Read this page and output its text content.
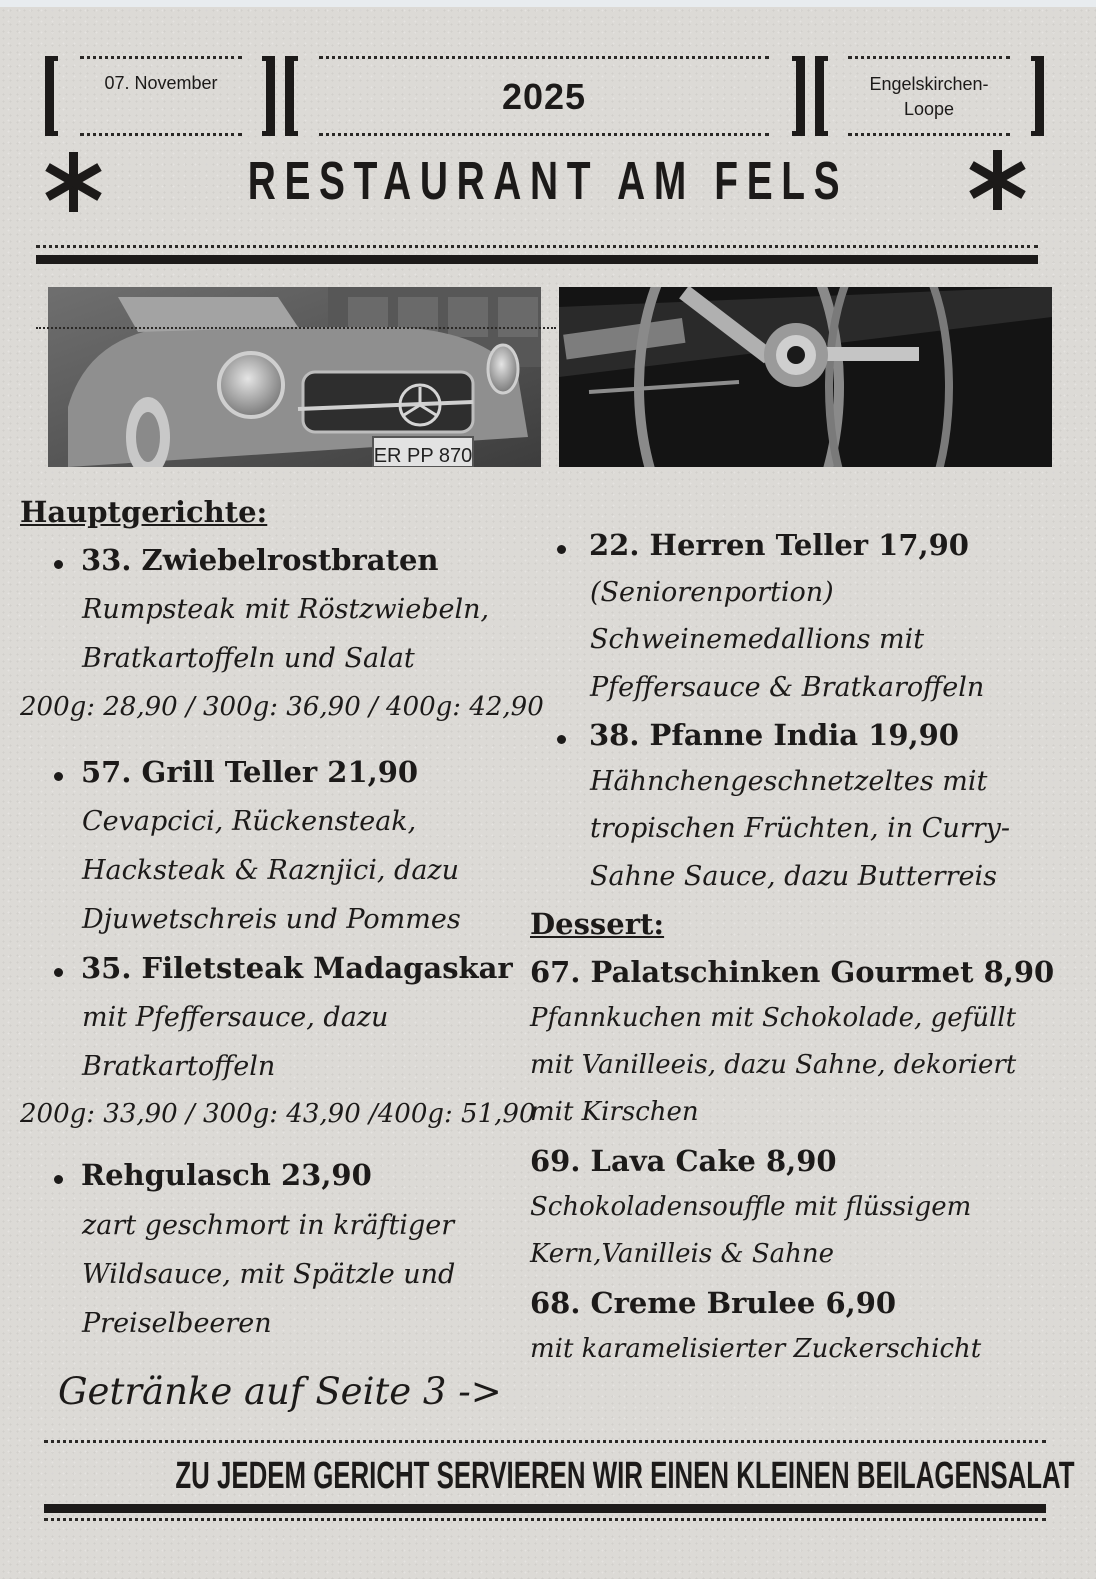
07. November	2025	Engelskirchen-
Loope
RESTAURANT AM FELS
ER PP 870
Hauptgerichte:
33. Zwiebelrostbraten
Rumpsteak mit Röstzwiebeln,
Bratkartoffeln und Salat
200g: 28,90 / 300g: 36,90 / 400g: 42,90
57. Grill Teller 21,90
Cevapcici, Rückensteak,
Hacksteak & Raznjici, dazu
Djuwetschreis und Pommes
35. Filetsteak Madagaskar
mit Pfeffersauce, dazu
Bratkartoffeln
200g: 33,90 / 300g: 43,90 /400g: 51,90
Rehgulasch 23,90
zart geschmort in kräftiger
Wildsauce, mit Spätzle und
Preiselbeeren
Getränke auf Seite 3 ->
22. Herren Teller 17,90
(Seniorenportion)
Schweinemedallions mit
Pfeffersauce & Bratkaroffeln
38. Pfanne India 19,90
Hähnchengeschnetzeltes mit
tropischen Früchten, in Curry-
Sahne Sauce, dazu Butterreis
Dessert:
67. Palatschinken Gourmet 8,90
Pfannkuchen mit Schokolade, gefüllt
mit Vanilleeis, dazu Sahne, dekoriert
mit Kirschen
69. Lava Cake 8,90
Schokoladensouffle mit flüssigem
Kern,Vanilleis & Sahne
68. Creme Brulee 6,90
mit karamelisierter Zuckerschicht
ZU JEDEM GERICHT SERVIEREN WIR EINEN KLEINEN BEILAGENSALAT
